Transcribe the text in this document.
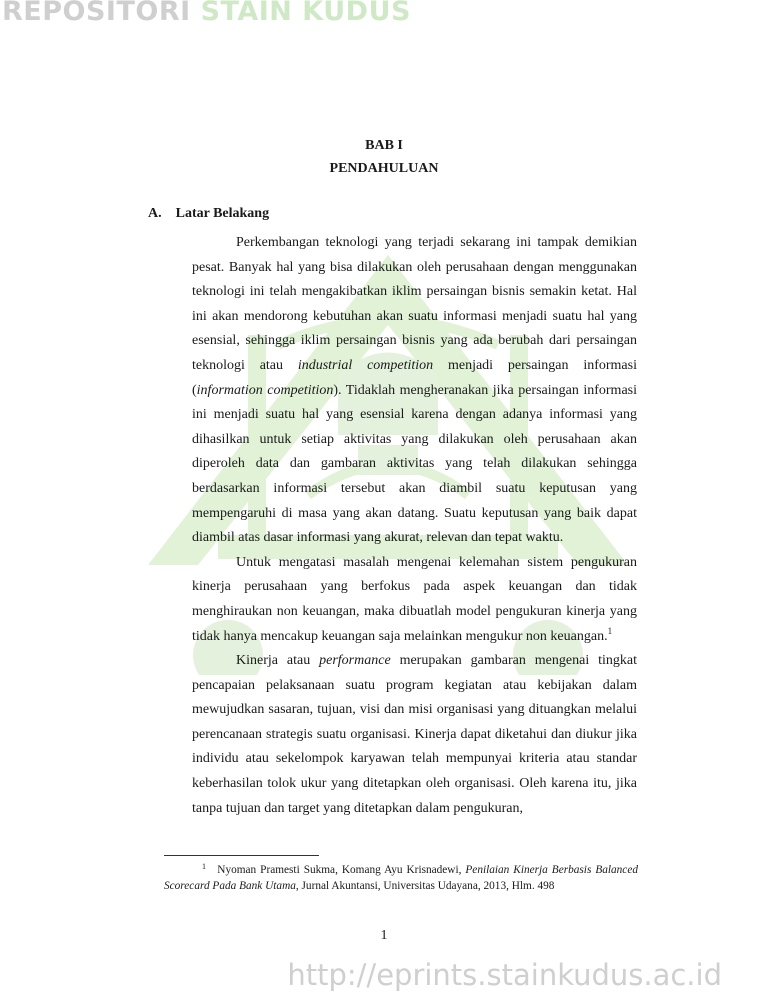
REPOSITORI STAIN KUDUS
BAB I
PENDAHULUAN
A. Latar Belakang

Perkembangan teknologi yang terjadi sekarang ini tampak demikian pesat. Banyak hal yang bisa dilakukan oleh perusahaan dengan menggunakan teknologi ini telah mengakibatkan iklim persaingan bisnis semakin ketat. Hal ini akan mendorong kebutuhan akan suatu informasi menjadi suatu hal yang esensial, sehingga iklim persaingan bisnis yang ada berubah dari persaingan teknologi atau industrial competition menjadi persaingan informasi (information competition). Tidaklah mengheranakan jika persaingan informasi ini menjadi suatu hal yang esensial karena dengan adanya informasi yang dihasilkan untuk setiap aktivitas yang dilakukan oleh perusahaan akan diperoleh data dan gambaran aktivitas yang telah dilakukan sehingga berdasarkan informasi tersebut akan diambil suatu keputusan yang mempengaruhi di masa yang akan datang. Suatu keputusan yang baik dapat diambil atas dasar informasi yang akurat, relevan dan tepat waktu.

Untuk mengatasi masalah mengenai kelemahan sistem pengukuran kinerja perusahaan yang berfokus pada aspek keuangan dan tidak menghiraukan non keuangan, maka dibuatlah model pengukuran kinerja yang tidak hanya mencakup keuangan saja melainkan mengukur non keuangan.$^1$

Kinerja atau performance merupakan gambaran mengenai tingkat pencapaian pelaksanaan suatu program kegiatan atau kebijakan dalam mewujudkan sasaran, tujuan, visi dan misi organisasi yang dituangkan melalui perencanaan strategis suatu organisasi. Kinerja dapat diketahui dan diukur jika individu atau sekelompok karyawan telah mempunyai kriteria atau standar keberhasilan tolok ukur yang ditetapkan oleh organisasi. Oleh karena itu, jika tanpa tujuan dan target yang ditetapkan dalam pengukuran,

$^1$  Nyoman Pramesti Sukma, Komang Ayu Krisnadewi, Penilaian Kinerja Berbasis Balanced Scorecard Pada Bank Utama, Jurnal Akuntansi, Universitas Udayana, 2013, Hlm. 498

1
http://eprints.stainkudus.ac.id
